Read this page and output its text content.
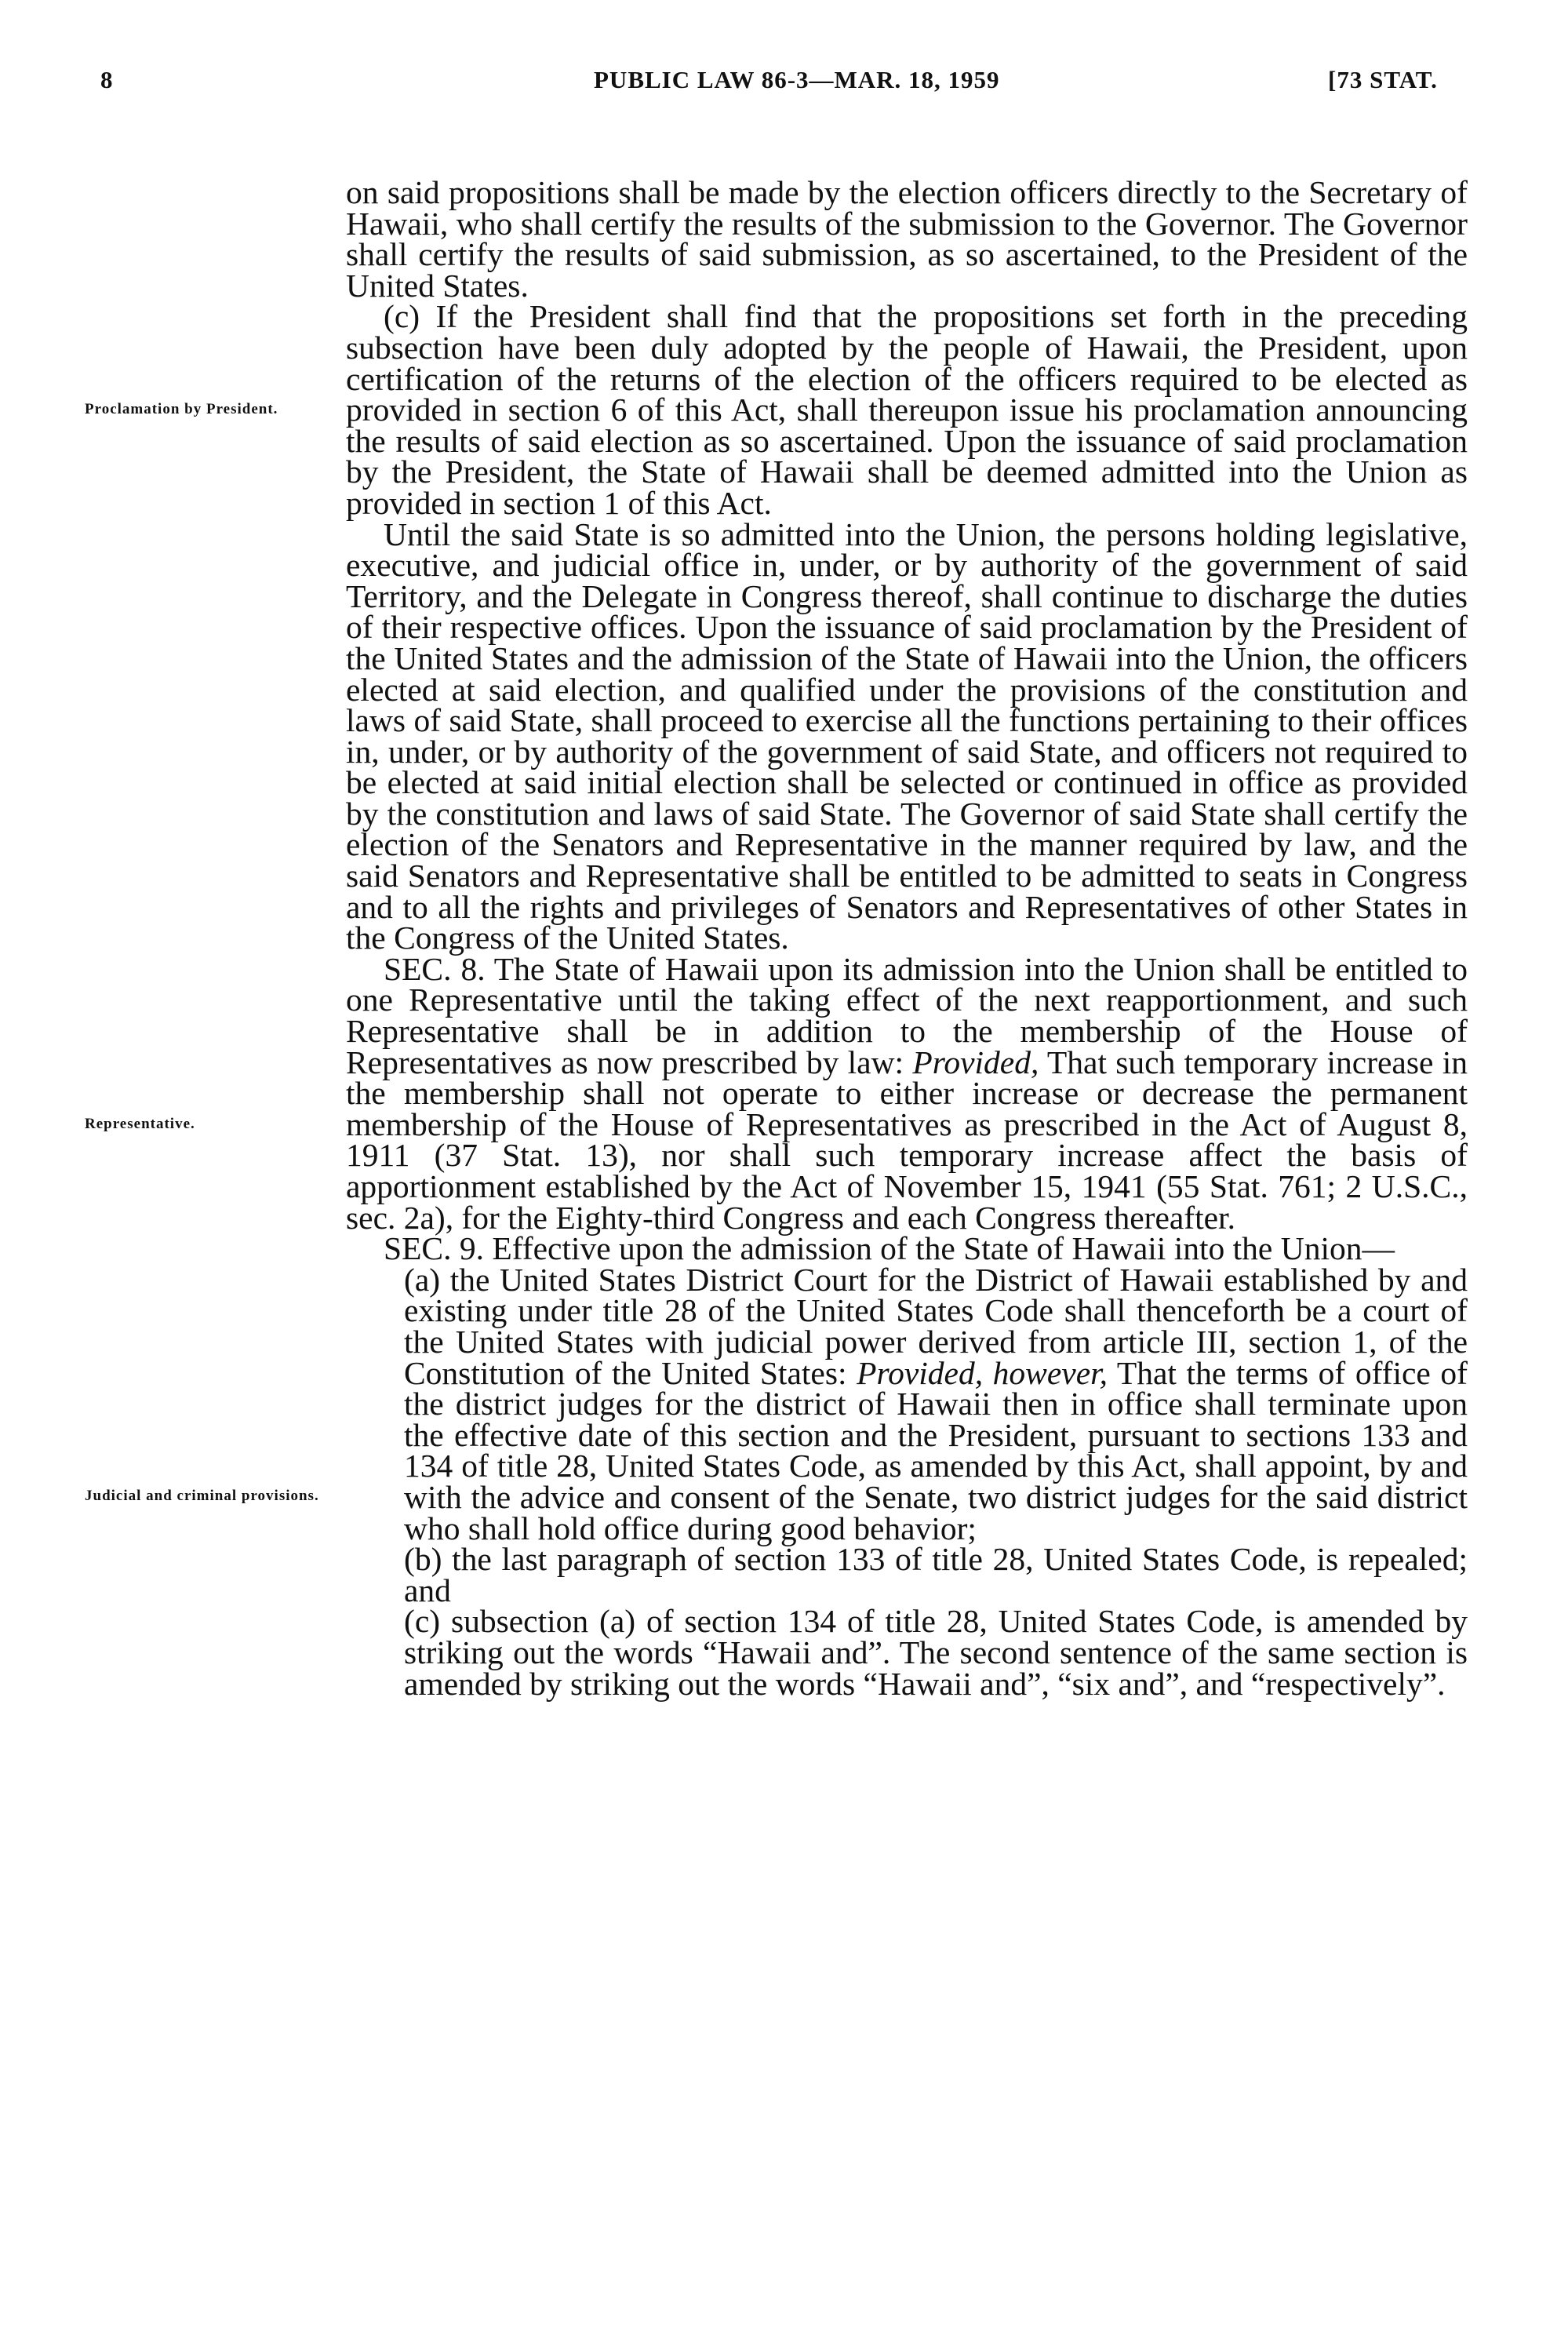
8	PUBLIC LAW 86-3—MAR. 18, 1959	[73 STAT.
Proclamation by President.
Representative.
Judicial and criminal provisions.

on said propositions shall be made by the election officers directly to the Secretary of Hawaii, who shall certify the results of the submission to the Governor. The Governor shall certify the results of said submission, as so ascertained, to the President of the United States.

(c) If the President shall find that the propositions set forth in the preceding subsection have been duly adopted by the people of Hawaii, the President, upon certification of the returns of the election of the officers required to be elected as provided in section 6 of this Act, shall thereupon issue his proclamation announcing the results of said election as so ascertained. Upon the issuance of said proclamation by the President, the State of Hawaii shall be deemed admitted into the Union as provided in section 1 of this Act.

Until the said State is so admitted into the Union, the persons holding legislative, executive, and judicial office in, under, or by authority of the government of said Territory, and the Delegate in Congress thereof, shall continue to discharge the duties of their respective offices. Upon the issuance of said proclamation by the President of the United States and the admission of the State of Hawaii into the Union, the officers elected at said election, and qualified under the provisions of the constitution and laws of said State, shall proceed to exercise all the functions pertaining to their offices in, under, or by authority of the government of said State, and officers not required to be elected at said initial election shall be selected or continued in office as provided by the constitution and laws of said State. The Governor of said State shall certify the election of the Senators and Representative in the manner required by law, and the said Senators and Representative shall be entitled to be admitted to seats in Congress and to all the rights and privileges of Senators and Representatives of other States in the Congress of the United States.

SEC. 8. The State of Hawaii upon its admission into the Union shall be entitled to one Representative until the taking effect of the next reapportionment, and such Representative shall be in addition to the membership of the House of Representatives as now prescribed by law: Provided, That such temporary increase in the membership shall not operate to either increase or decrease the permanent membership of the House of Representatives as prescribed in the Act of August 8, 1911 (37 Stat. 13), nor shall such temporary increase affect the basis of apportionment established by the Act of November 15, 1941 (55 Stat. 761; 2 U.S.C., sec. 2a), for the Eighty-third Congress and each Congress thereafter.

SEC. 9. Effective upon the admission of the State of Hawaii into the Union—

(a) the United States District Court for the District of Hawaii established by and existing under title 28 of the United States Code shall thenceforth be a court of the United States with judicial power derived from article III, section 1, of the Constitution of the United States: Provided, however, That the terms of office of the district judges for the district of Hawaii then in office shall terminate upon the effective date of this section and the President, pursuant to sections 133 and 134 of title 28, United States Code, as amended by this Act, shall appoint, by and with the advice and consent of the Senate, two district judges for the said district who shall hold office during good behavior;

(b) the last paragraph of section 133 of title 28, United States Code, is repealed; and

(c) subsection (a) of section 134 of title 28, United States Code, is amended by striking out the words “Hawaii and”. The second sentence of the same section is amended by striking out the words “Hawaii and”, “six and”, and “respectively”.
